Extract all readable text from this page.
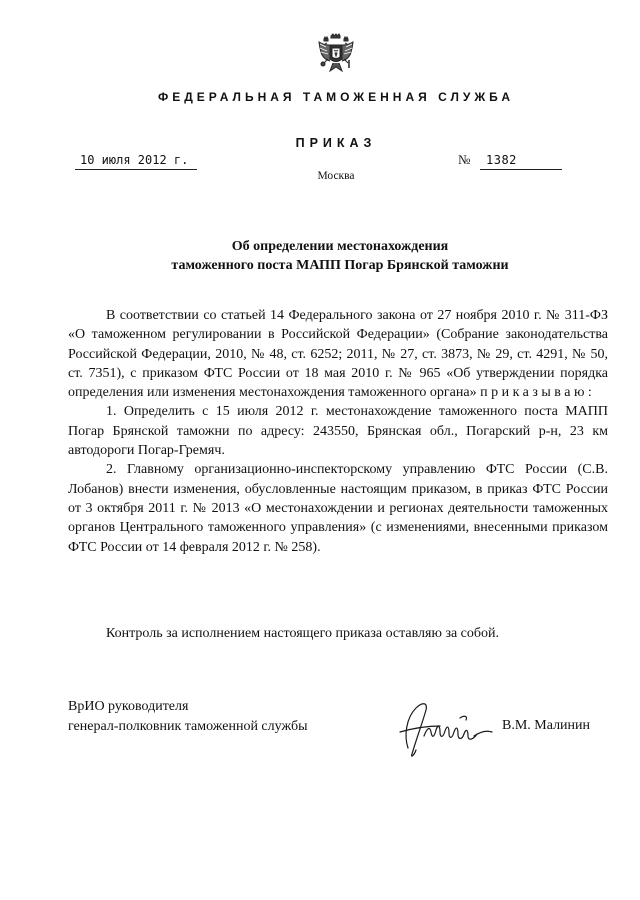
ФЕДЕРАЛЬНАЯ ТАМОЖЕННАЯ СЛУЖБА
ПРИКАЗ
10 июля 2012 г.	№	1382
Москва
Об определении местонахождения
таможенного поста МАПП Погар Брянской таможни

В соответствии со статьей 14 Федерального закона от 27 ноября 2010 г. № 311-ФЗ «О таможенном регулировании в Российской Федерации» (Собрание законодательства Российской Федерации, 2010, № 48, ст. 6252; 2011, № 27, ст. 3873, № 29, ст. 4291, № 50, ст. 7351), с приказом ФТС России от 18 мая 2010 г. № 965 «Об утверждении порядка определения или изменения местонахождения таможенного органа» приказываю:

1. Определить с 15 июля 2012 г. местонахождение таможенного поста МАПП Погар Брянской таможни по адресу: 243550, Брянская обл., Погарский р-н, 23 км автодороги Погар-Гремяч.

2. Главному организационно-инспекторскому управлению ФТС России (С.В. Лобанов) внести изменения, обусловленные настоящим приказом, в приказ ФТС России от 3 октября 2011 г. № 2013 «О местонахождении и регионах деятельности таможенных органов Центрального таможенного управления» (с изменениями, внесенными приказом ФТС России от 14 февраля 2012 г. № 258).

Контроль за исполнением настоящего приказа оставляю за собой.
ВрИО руководителя
генерал-полковник таможенной службы	В.М. Малинин
